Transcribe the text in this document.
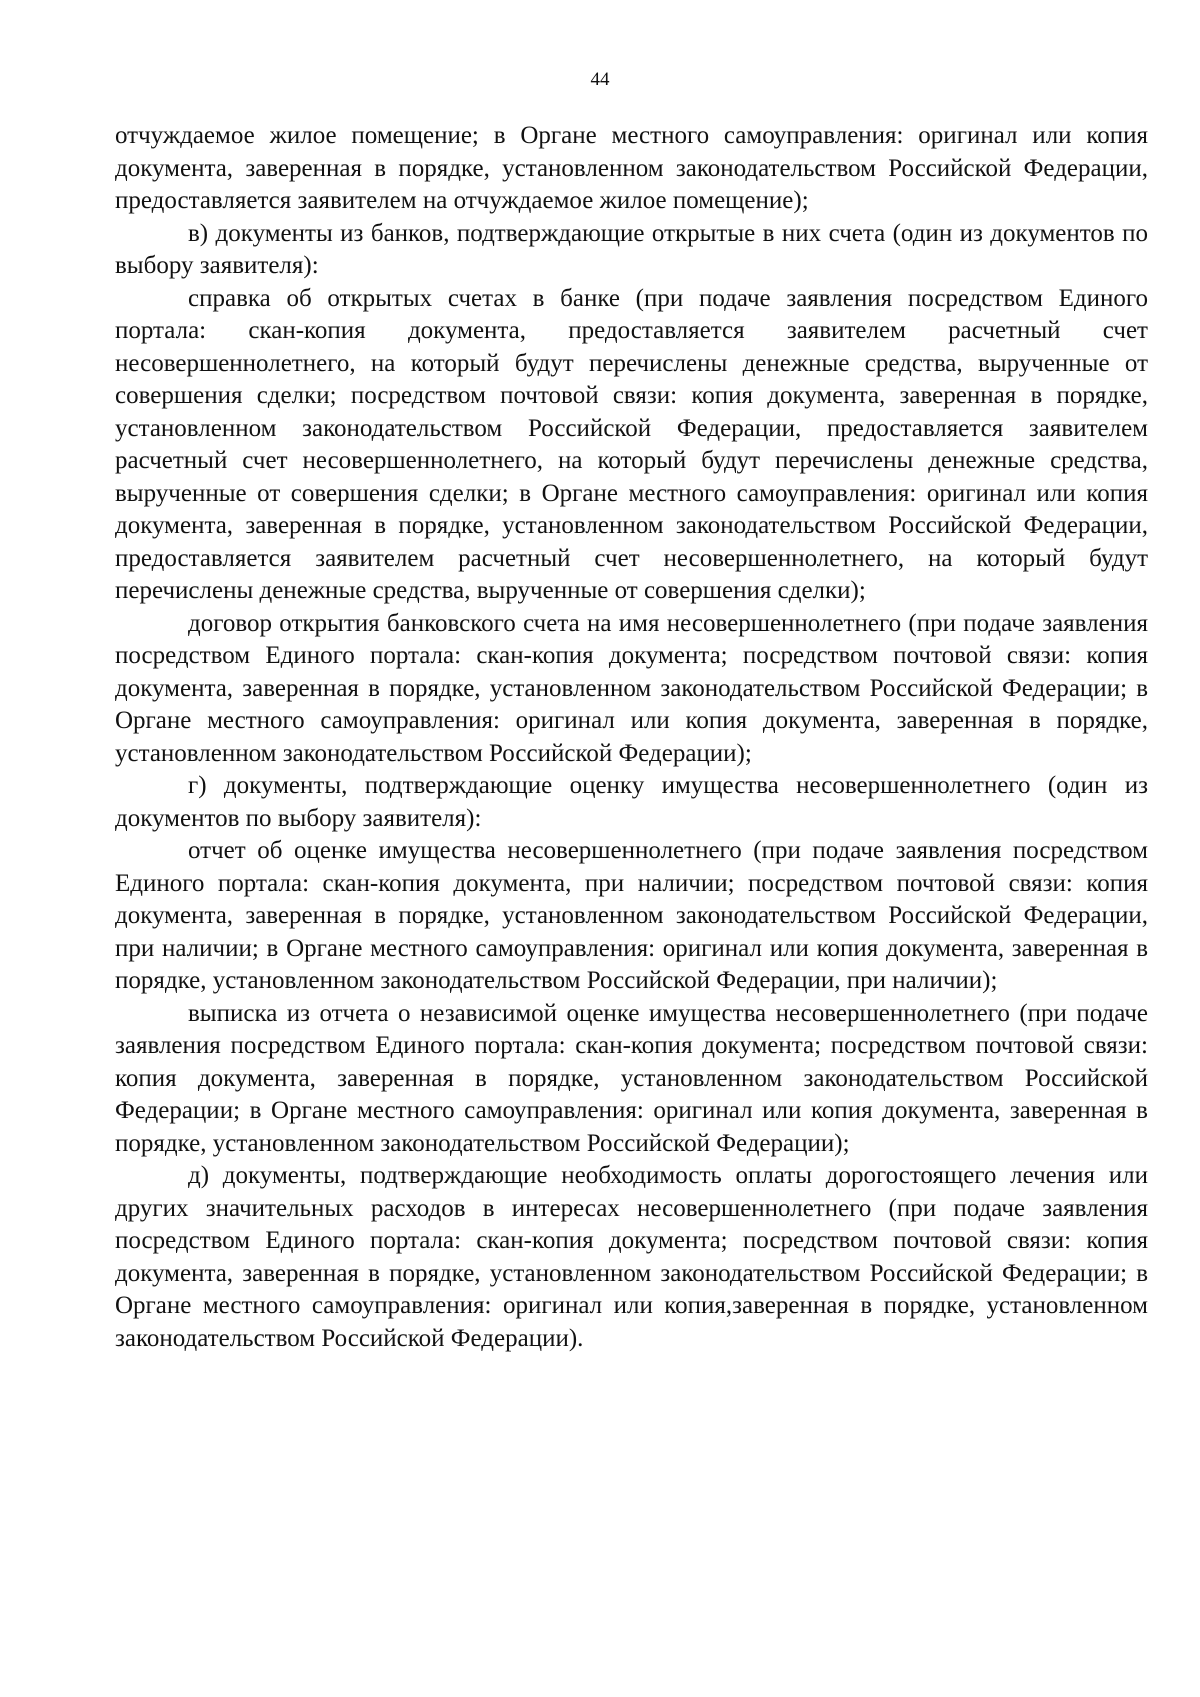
44

отчуждаемое жилое помещение; в Органе местного самоуправления: оригинал или копия документа, заверенная в порядке, установленном законодательством Российской Федерации, предоставляется заявителем на отчуждаемое жилое помещение);

в) документы из банков, подтверждающие открытые в них счета (один из документов по выбору заявителя):

справка об открытых счетах в банке (при подаче заявления посредством Единого портала: скан-копия документа, предоставляется заявителем расчетный счет несовершеннолетнего, на который будут перечислены денежные средства, вырученные от совершения сделки; посредством почтовой связи: копия документа, заверенная в порядке, установленном законодательством Российской Федерации, предоставляется заявителем расчетный счет несовершеннолетнего, на который будут перечислены денежные средства, вырученные от совершения сделки; в Органе местного самоуправления: оригинал или копия документа, заверенная в порядке, установленном законодательством Российской Федерации, предоставляется заявителем расчетный счет несовершеннолетнего, на который будут перечислены денежные средства, вырученные от совершения сделки);

договор открытия банковского счета на имя несовершеннолетнего (при подаче заявления посредством Единого портала: скан-копия документа; посредством почтовой связи: копия документа, заверенная в порядке, установленном законодательством Российской Федерации; в Органе местного самоуправления: оригинал или копия документа, заверенная в порядке, установленном законодательством Российской Федерации);

г) документы, подтверждающие оценку имущества несовершеннолетнего (один из документов по выбору заявителя):

отчет об оценке имущества несовершеннолетнего (при подаче заявления посредством Единого портала: скан-копия документа, при наличии; посредством почтовой связи: копия документа, заверенная в порядке, установленном законодательством Российской Федерации, при наличии; в Органе местного самоуправления: оригинал или копия документа, заверенная в порядке, установленном законодательством Российской Федерации, при наличии);

выписка из отчета о независимой оценке имущества несовершеннолетнего (при подаче заявления посредством Единого портала: скан-копия документа; посредством почтовой связи: копия документа, заверенная в порядке, установленном законодательством Российской Федерации; в Органе местного самоуправления: оригинал или копия документа, заверенная в порядке, установленном законодательством Российской Федерации);

д) документы, подтверждающие необходимость оплаты дорогостоящего лечения или других значительных расходов в интересах несовершеннолетнего (при подаче заявления посредством Единого портала: скан-копия документа; посредством почтовой связи: копия документа, заверенная в порядке, установленном законодательством Российской Федерации; в Органе местного самоуправления: оригинал или копия,заверенная в порядке, установленном законодательством Российской Федерации).
